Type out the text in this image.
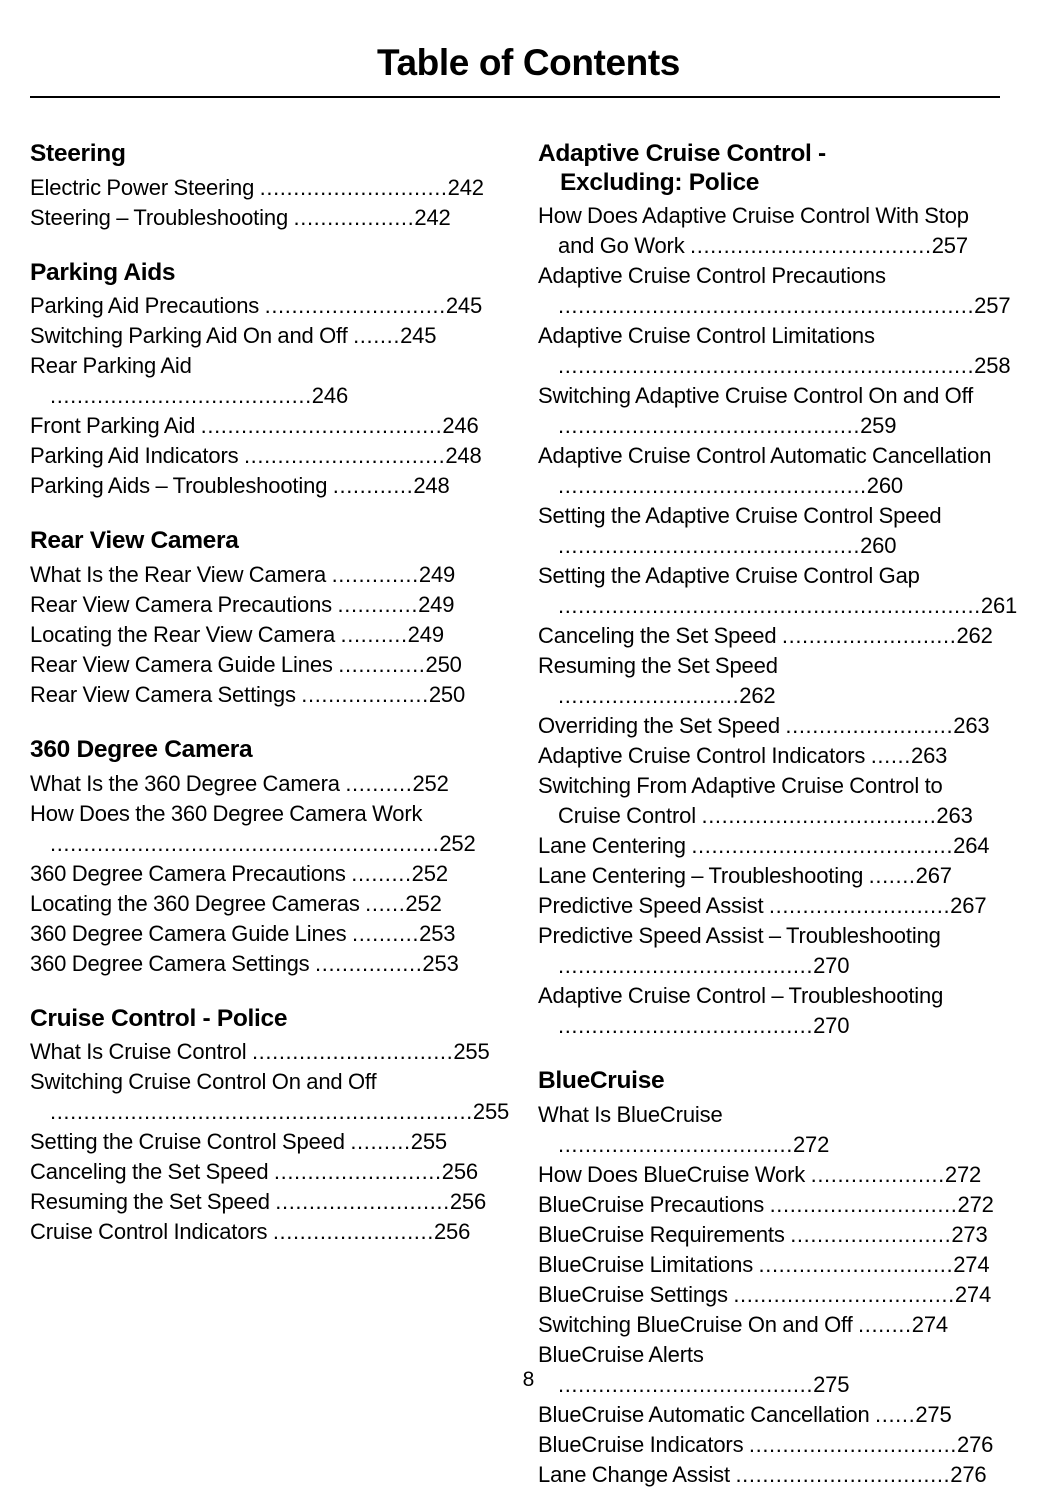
Table of Contents
Steering
Electric Power Steering ............................242
Steering – Troubleshooting ..................242
Parking Aids
Parking Aid Precautions ...........................245
Switching Parking Aid On and Off .......245
Rear Parking Aid .......................................246
Front Parking Aid ....................................246
Parking Aid Indicators ..............................248
Parking Aids – Troubleshooting ............248
Rear View Camera
What Is the Rear View Camera .............249
Rear View Camera Precautions ............249
Locating the Rear View Camera ..........249
Rear View Camera Guide Lines .............250
Rear View Camera Settings ...................250
360 Degree Camera
What Is the 360 Degree Camera ..........252
How Does the 360 Degree Camera Work ..........................................................252
360 Degree Camera Precautions .........252
Locating the 360 Degree Cameras ......252
360 Degree Camera Guide Lines ..........253
360 Degree Camera Settings ................253
Cruise Control - Police
What Is Cruise Control ..............................255
Switching Cruise Control On and Off ...............................................................255
Setting the Cruise Control Speed .........255
Canceling the Set Speed .........................256
Resuming the Set Speed ..........................256
Cruise Control Indicators ........................256
Adaptive Cruise Control -
Excluding: Police
How Does Adaptive Cruise Control With Stop and Go Work ....................................257
Adaptive Cruise Control Precautions ..............................................................257
Adaptive Cruise Control Limitations ..............................................................258
Switching Adaptive Cruise Control On and Off .............................................259
Adaptive Cruise Control Automatic Cancellation ..............................................260
Setting the Adaptive Cruise Control Speed .............................................260
Setting the Adaptive Cruise Control Gap ...............................................................261
Canceling the Set Speed ..........................262
Resuming the Set Speed ...........................262
Overriding the Set Speed .........................263
Adaptive Cruise Control Indicators ......263
Switching From Adaptive Cruise Control to Cruise Control ...................................263
Lane Centering .......................................264
Lane Centering – Troubleshooting .......267
Predictive Speed Assist ...........................267
Predictive Speed Assist – Troubleshooting ......................................270
Adaptive Cruise Control – Troubleshooting ......................................270
BlueCruise
What Is BlueCruise ...................................272
How Does BlueCruise Work ....................272
BlueCruise Precautions ............................272
BlueCruise Requirements ........................273
BlueCruise Limitations .............................274
BlueCruise Settings .................................274
Switching BlueCruise On and Off ........274
BlueCruise Alerts ......................................275
BlueCruise Automatic Cancellation ......275
BlueCruise Indicators ...............................276
Lane Change Assist ................................276
8
